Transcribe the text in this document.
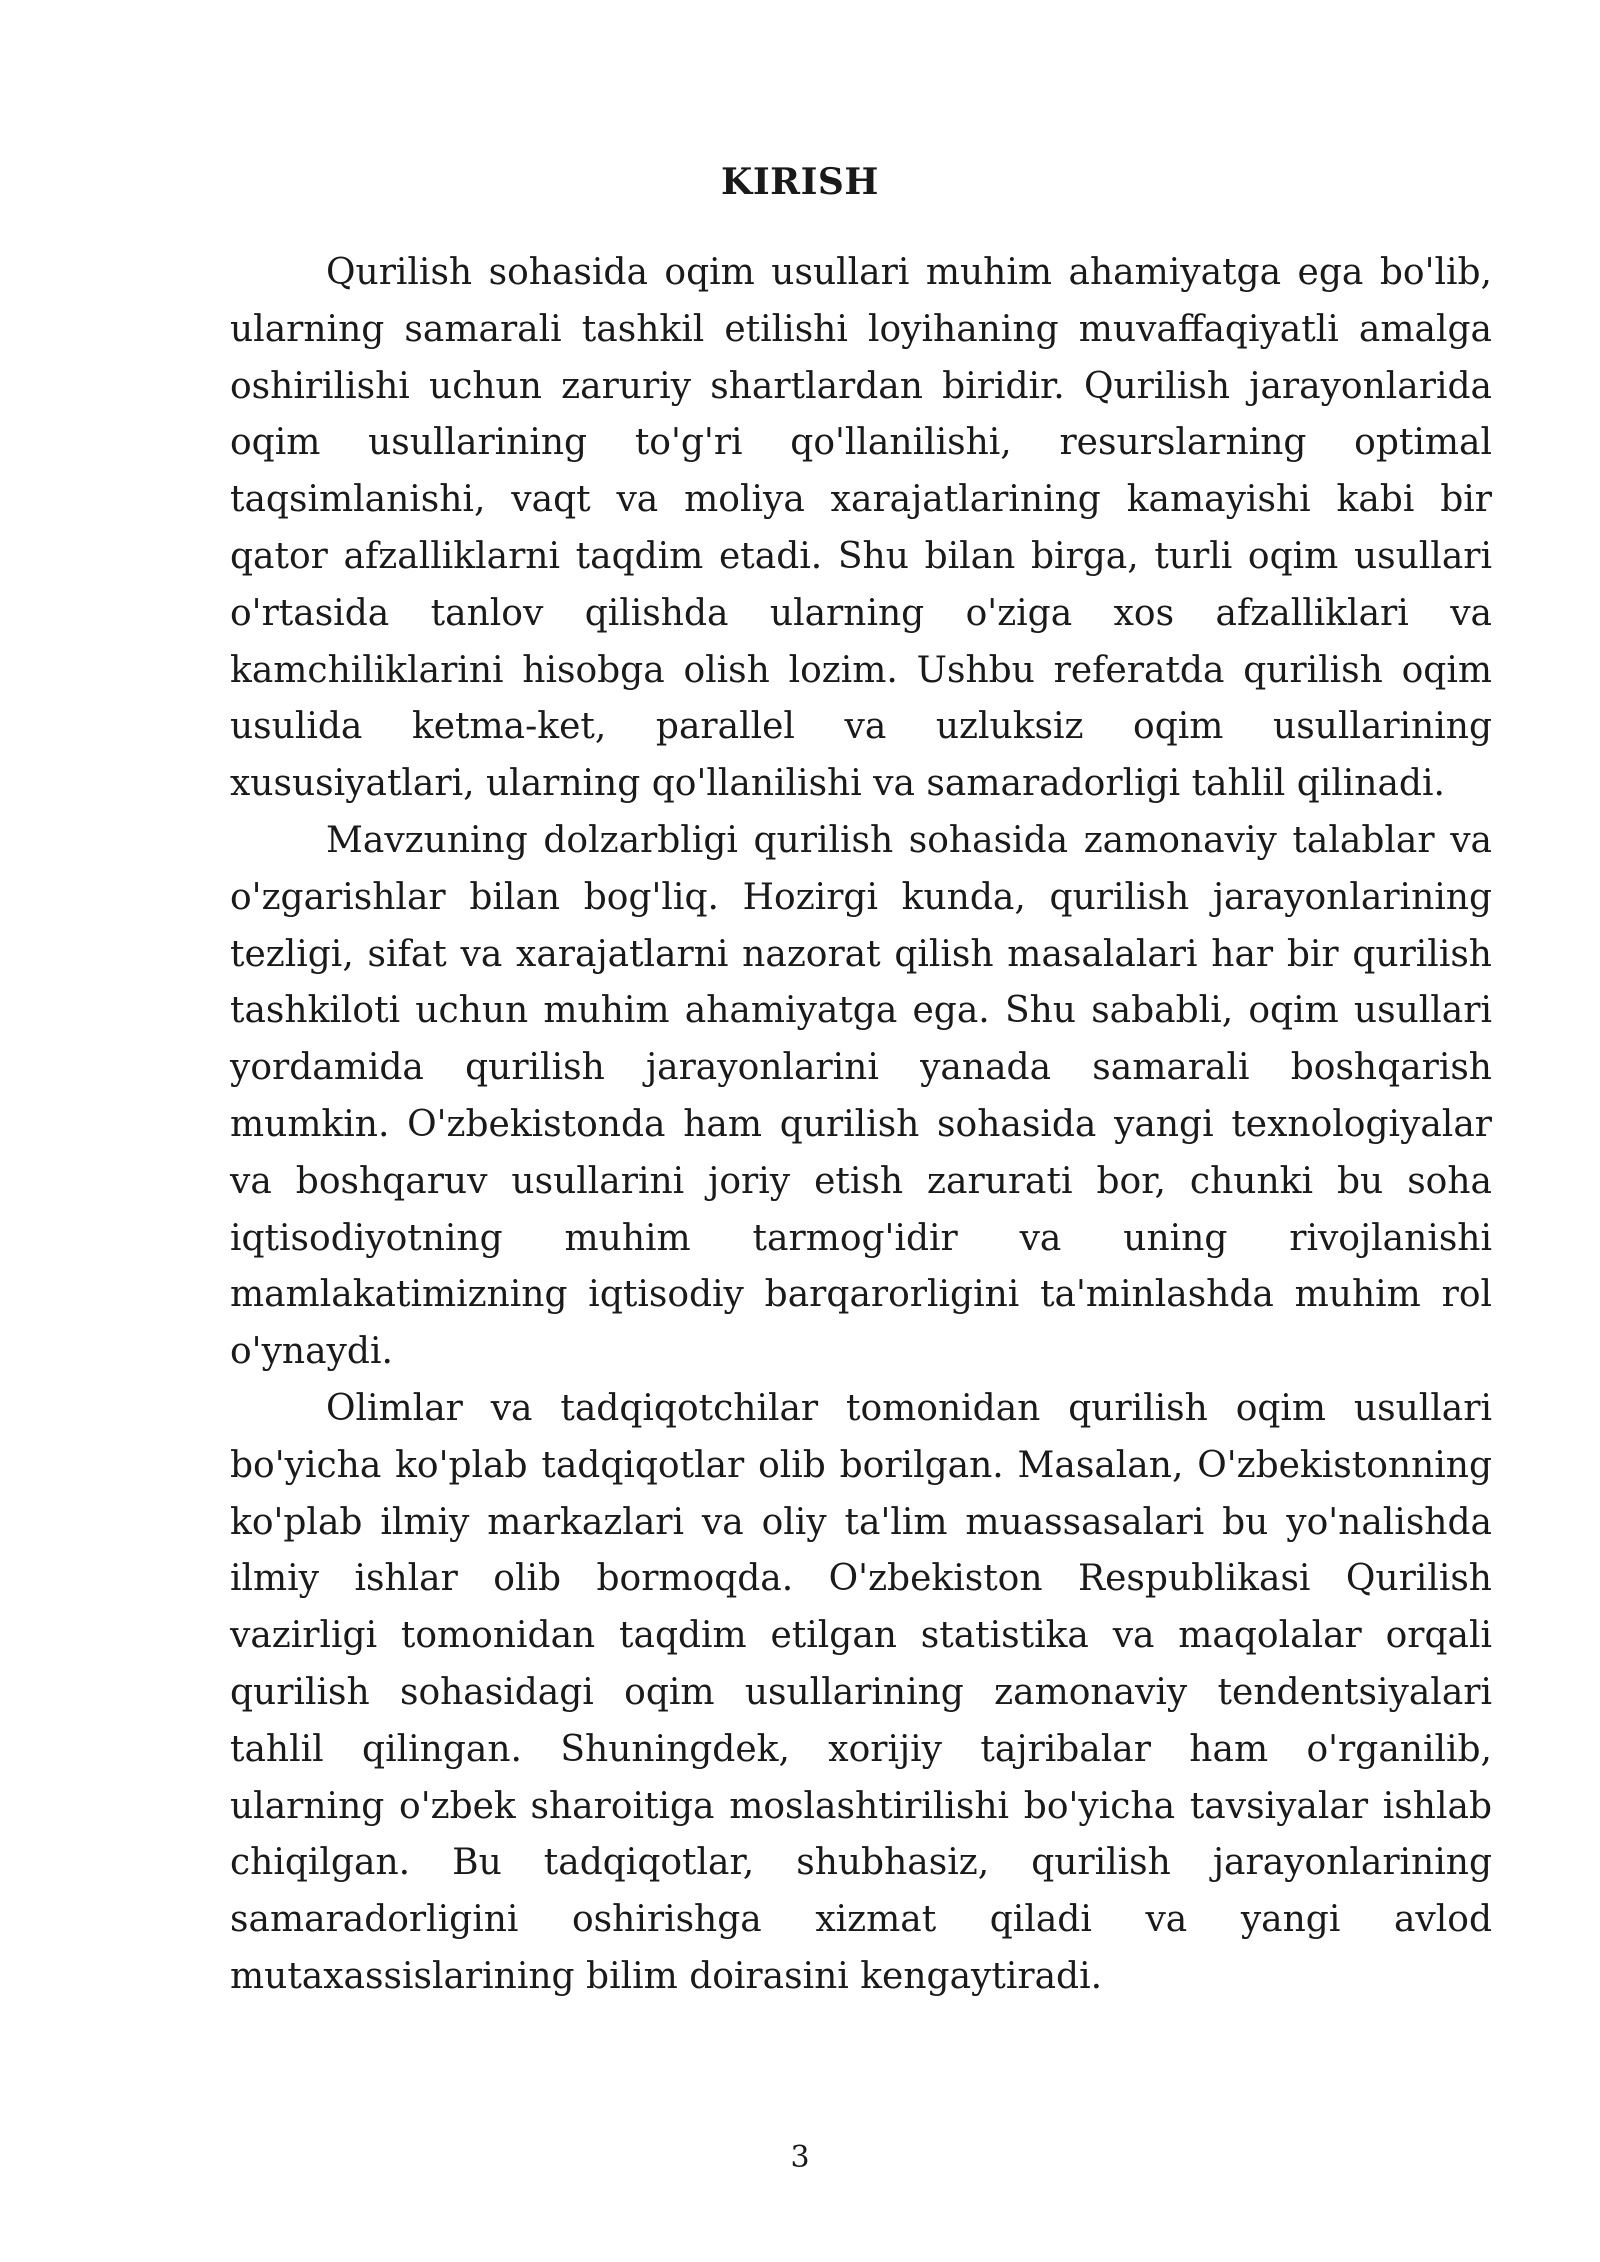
KIRISH

Qurilish sohasida oqim usullari muhim ahamiyatga ega bo'lib, ularning samarali tashkil etilishi loyihaning muvaffaqiyatli amalga oshirilishi uchun zaruriy shartlardan biridir. Qurilish jarayonlarida oqim usullarining to'g'ri qo'llanilishi, resurslarning optimal taqsimlanishi, vaqt va moliya xarajatlarining kamayishi kabi bir qator afzalliklarni taqdim etadi. Shu bilan birga, turli oqim usullari o'rtasida tanlov qilishda ularning o'ziga xos afzalliklari va kamchiliklarini hisobga olish lozim. Ushbu referatda qurilish oqim usulida ketma-ket, parallel va uzluksiz oqim usullarining xususiyatlari, ularning qo'llanilishi va samaradorligi tahlil qilinadi.

Mavzuning dolzarbligi qurilish sohasida zamonaviy talablar va o'zgarishlar bilan bog'liq. Hozirgi kunda, qurilish jarayonlarining tezligi, sifat va xarajatlarni nazorat qilish masalalari har bir qurilish tashkiloti uchun muhim ahamiyatga ega. Shu sababli, oqim usullari yordamida qurilish jarayonlarini yanada samarali boshqarish mumkin. O'zbekistonda ham qurilish sohasida yangi texnologiyalar va boshqaruv usullarini joriy etish zarurati bor, chunki bu soha iqtisodiyotning muhim tarmog'idir va uning rivojlanishi mamlakatimizning iqtisodiy barqarorligini ta'minlashda muhim rol o'ynaydi.

Olimlar va tadqiqotchilar tomonidan qurilish oqim usullari bo'yicha ko'plab tadqiqotlar olib borilgan. Masalan, O'zbekistonning ko'plab ilmiy markazlari va oliy ta'lim muassasalari bu yo'nalishda ilmiy ishlar olib bormoqda. O'zbekiston Respublikasi Qurilish vazirligi tomonidan taqdim etilgan statistika va maqolalar orqali qurilish sohasidagi oqim usullarining zamonaviy tendentsiyalari tahlil qilingan. Shuningdek, xorijiy tajribalar ham o'rganilib, ularning o'zbek sharoitiga moslashtirilishi bo'yicha tavsiyalar ishlab chiqilgan. Bu tadqiqotlar, shubhasiz, qurilish jarayonlarining samaradorligini oshirishga xizmat qiladi va yangi avlod mutaxassislarining bilim doirasini kengaytiradi.

3
